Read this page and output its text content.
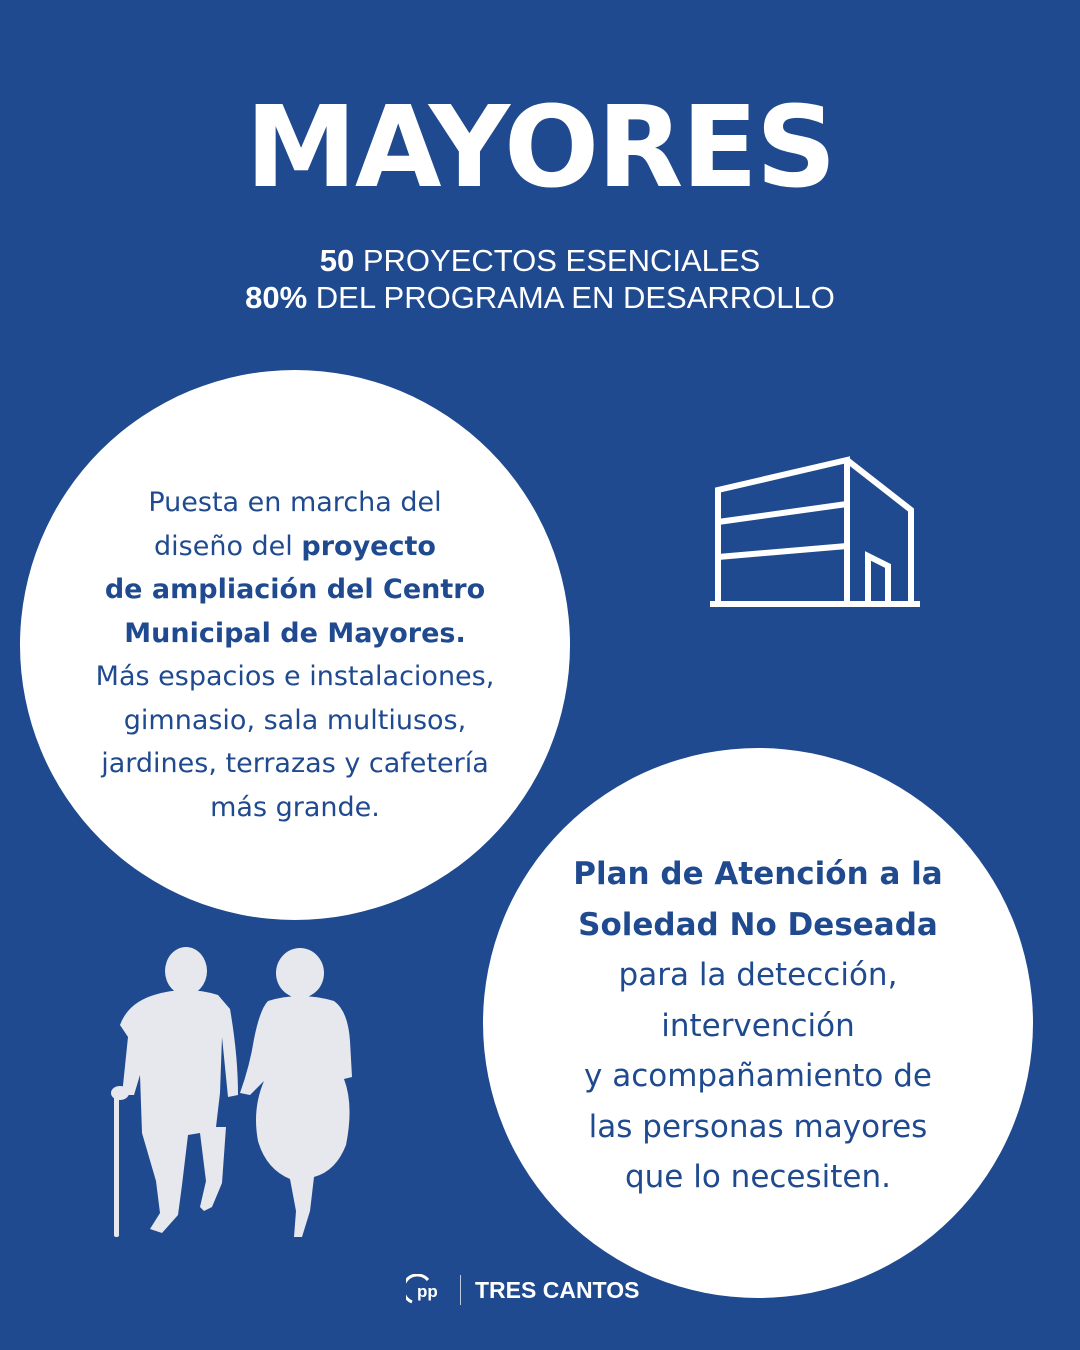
MAYORES
50 PROYECTOS ESENCIALES
80% DEL PROGRAMA EN DESARROLLO
Puesta en marcha del
diseño del proyecto
de ampliación del Centro
Municipal de Mayores.
Más espacios e instalaciones,
gimnasio, sala multiusos,
jardines, terrazas y cafetería
más grande.
Plan de Atención a la
Soledad No Deseada
para la detección,
intervención
y acompañamiento de
las personas mayores
que lo necesiten.
pp TRES CANTOS
